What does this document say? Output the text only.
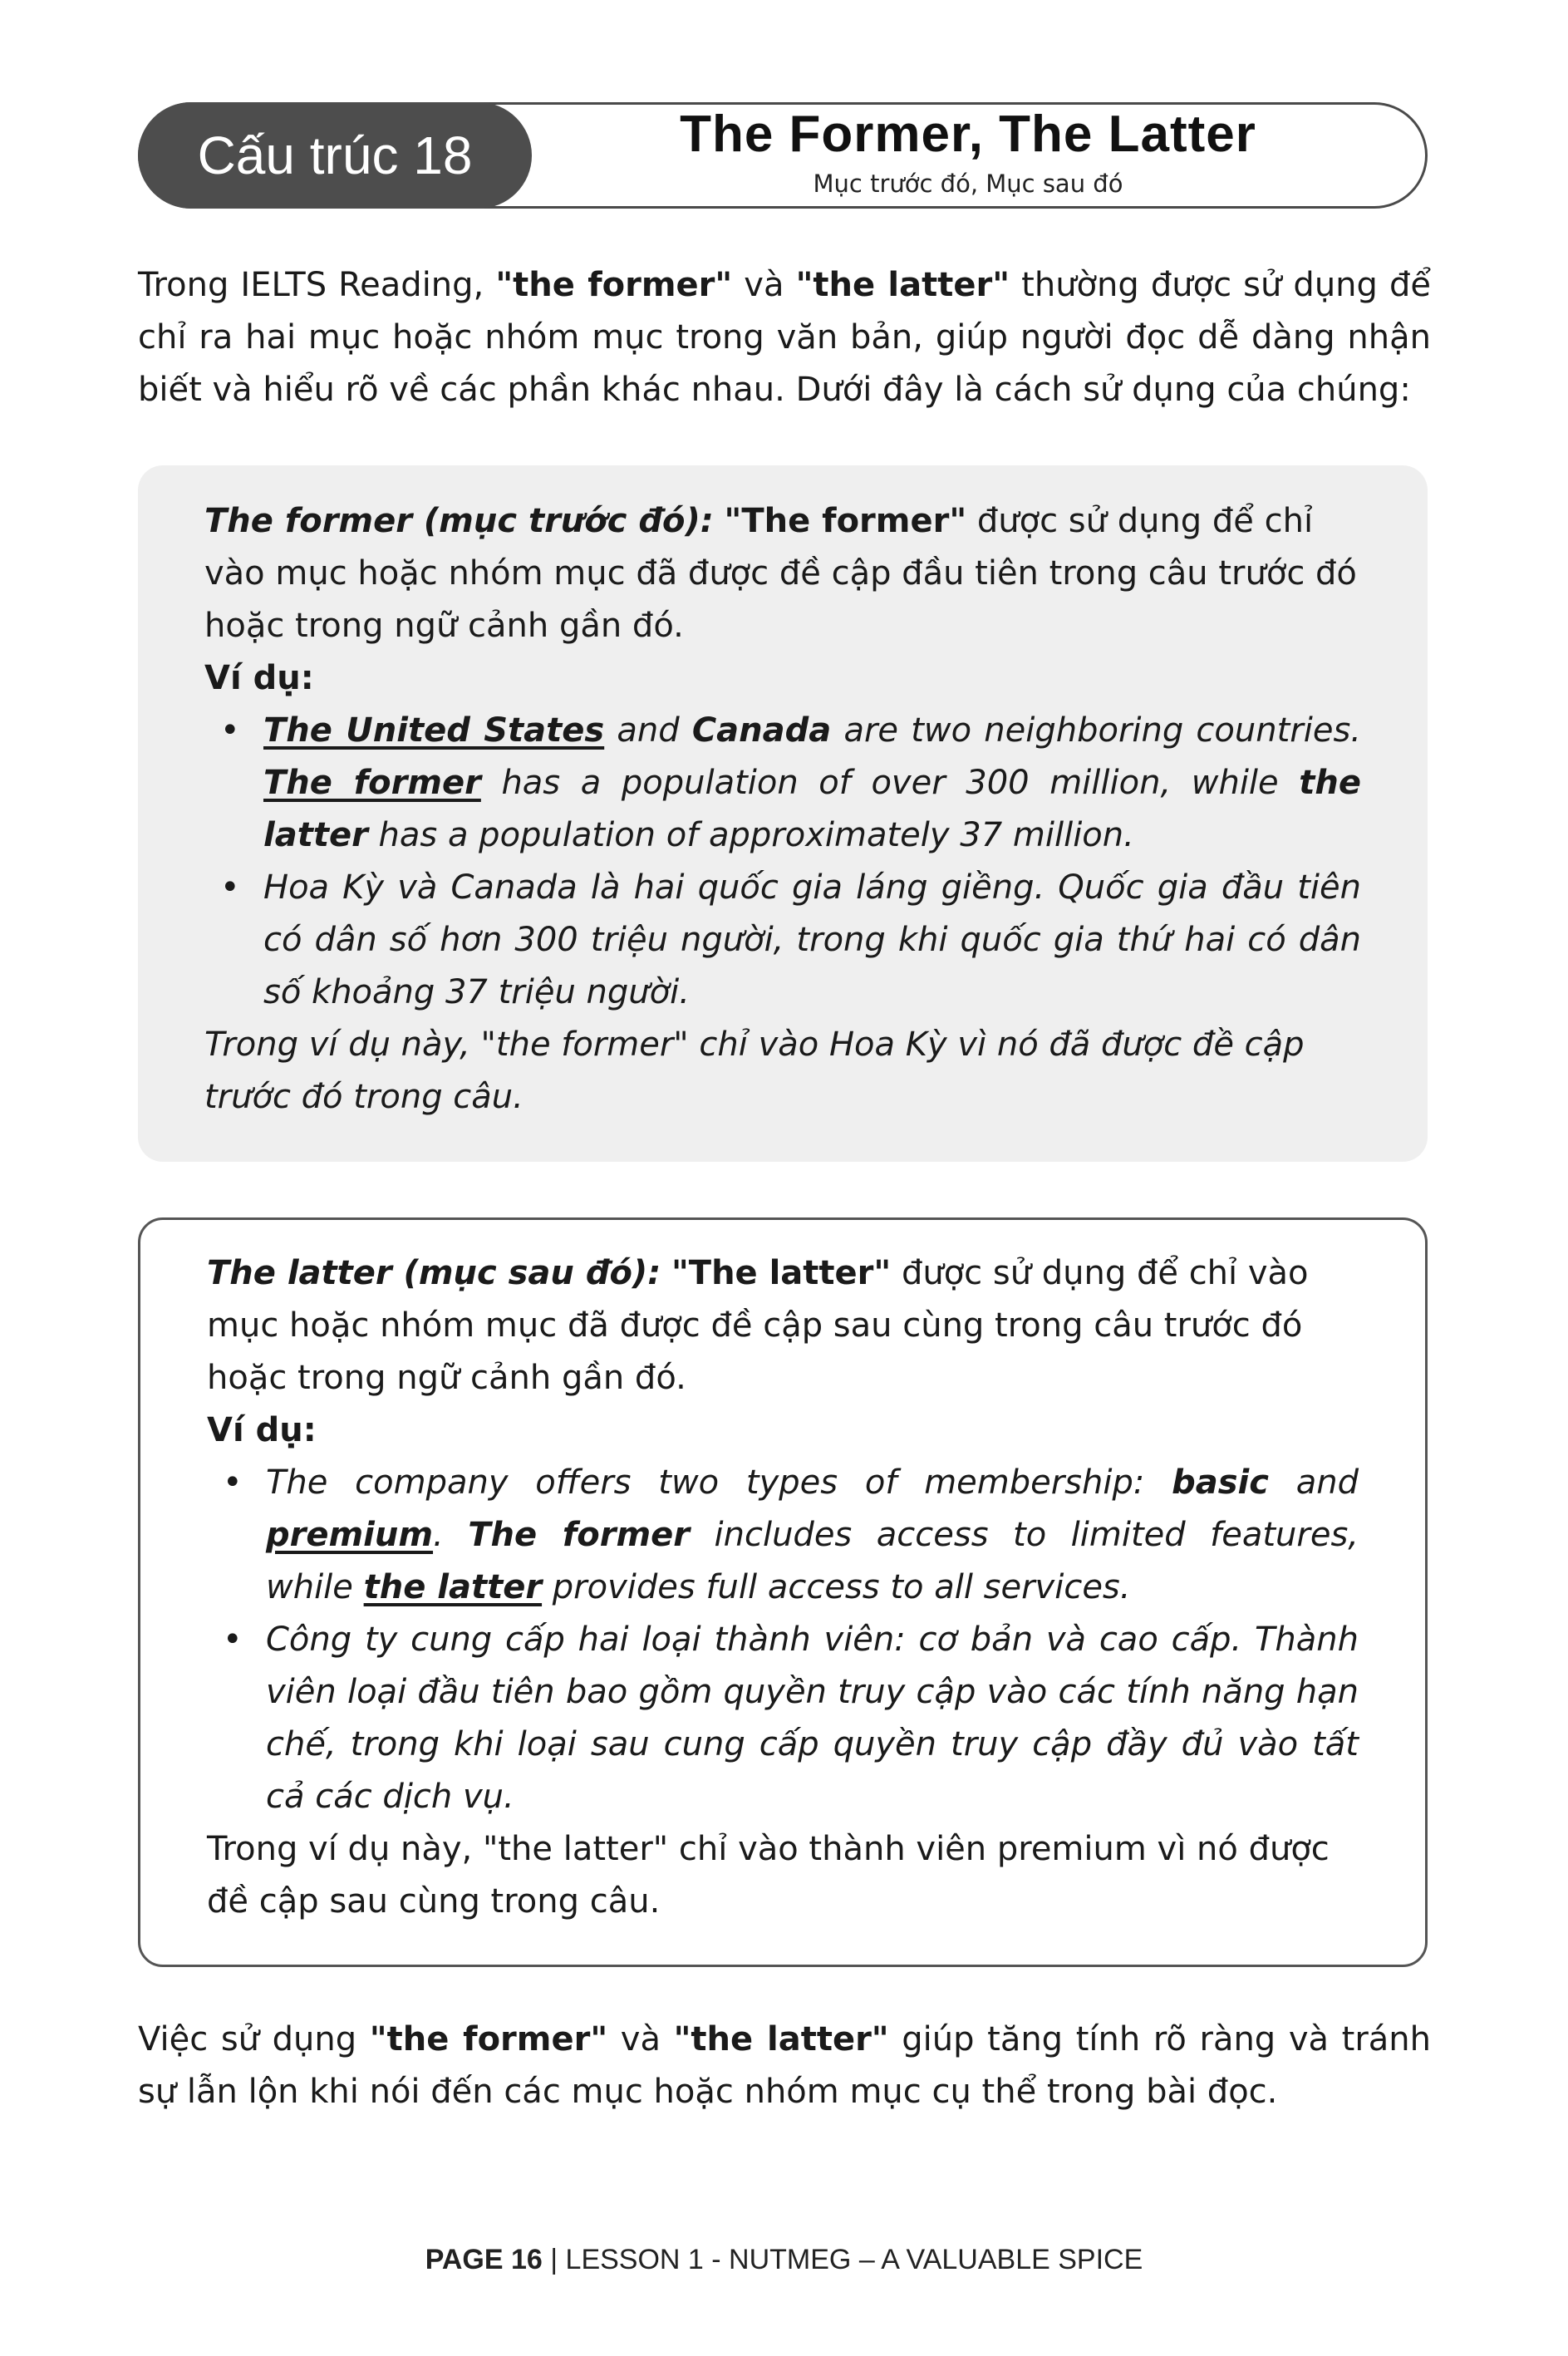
Cấu trúc 18	The Former, The Latter
Mục trước đó, Mục sau đó
Trong IELTS Reading, "the former" và "the latter" thường được sử dụng để chỉ ra hai mục hoặc nhóm mục trong văn bản, giúp người đọc dễ dàng nhận biết và hiểu rõ về các phần khác nhau. Dưới đây là cách sử dụng của chúng:

The former (mục trước đó): "The former" được sử dụng để chỉ vào mục hoặc nhóm mục đã được đề cập đầu tiên trong câu trước đó hoặc trong ngữ cảnh gần đó.

Ví dụ:

• The United States and Canada are two neighboring countries. The former has a population of over 300 million, while the latter has a population of approximately 37 million.
• Hoa Kỳ và Canada là hai quốc gia láng giềng. Quốc gia đầu tiên có dân số hơn 300 triệu người, trong khi quốc gia thứ hai có dân số khoảng 37 triệu người.

Trong ví dụ này, "the former" chỉ vào Hoa Kỳ vì nó đã được đề cập trước đó trong câu.

The latter (mục sau đó): "The latter" được sử dụng để chỉ vào mục hoặc nhóm mục đã được đề cập sau cùng trong câu trước đó hoặc trong ngữ cảnh gần đó.

Ví dụ:

• The company offers two types of membership: basic and premium. The former includes access to limited features, while the latter provides full access to all services.
• Công ty cung cấp hai loại thành viên: cơ bản và cao cấp. Thành viên loại đầu tiên bao gồm quyền truy cập vào các tính năng hạn chế, trong khi loại sau cung cấp quyền truy cập đầy đủ vào tất cả các dịch vụ.

Trong ví dụ này, "the latter" chỉ vào thành viên premium vì nó được đề cập sau cùng trong câu.

Việc sử dụng "the former" và "the latter" giúp tăng tính rõ ràng và tránh sự lẫn lộn khi nói đến các mục hoặc nhóm mục cụ thể trong bài đọc.
PAGE 16 | LESSON 1 - NUTMEG – A VALUABLE SPICE
